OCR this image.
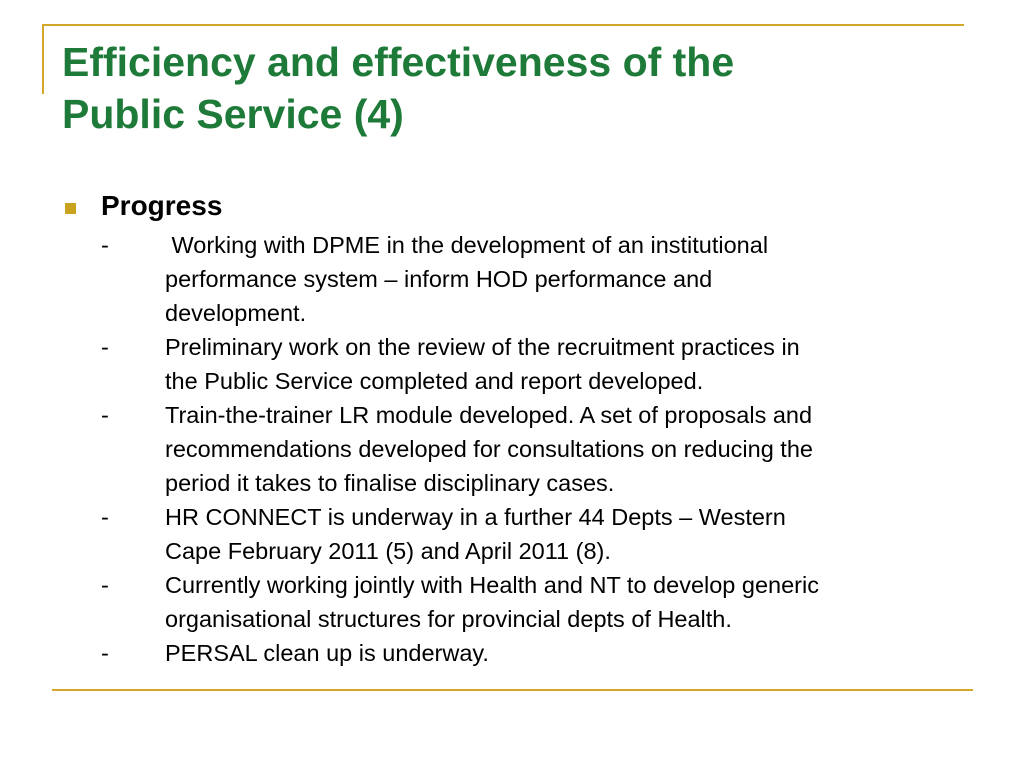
Efficiency and effectiveness of the
Public Service (4)
Progress
- Working with DPME in the development of an institutional
performance system – inform HOD performance and
development.
- Preliminary work on the review of the recruitment practices in
the Public Service completed and report developed.
- Train-the-trainer LR module developed. A set of proposals and
recommendations developed for consultations on reducing the
period it takes to finalise disciplinary cases.
- HR CONNECT is underway in a further 44 Depts – Western
Cape February 2011 (5) and April 2011 (8).
- Currently working jointly with Health and NT to develop generic
organisational structures for provincial depts of Health.
- PERSAL clean up is underway.
